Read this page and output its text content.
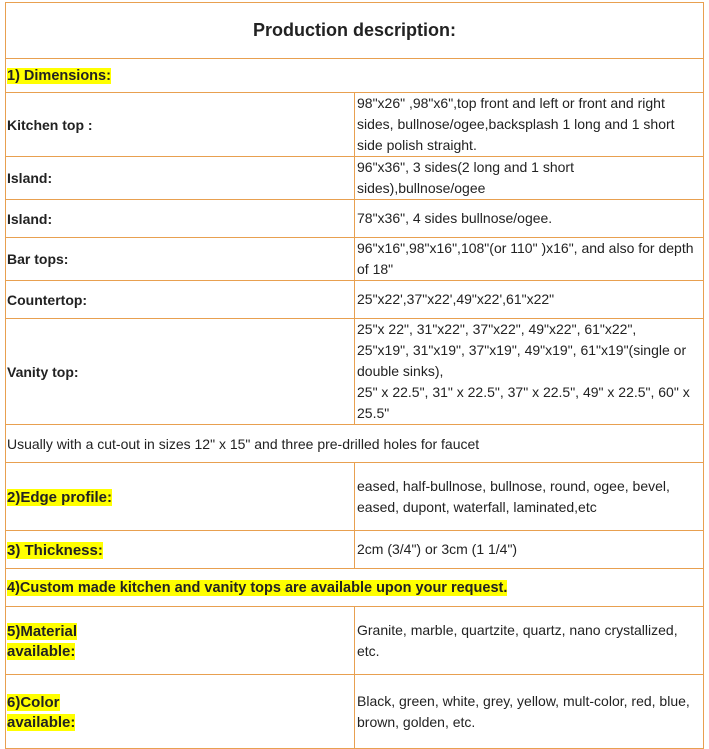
Production description:	
1) Dimensions:	
Kitchen top :	98"x26" ,98"x6",top front and left or front and right sides, bullnose/ogee,backsplash 1 long and 1 short side polish straight.
Island:	96"x36", 3 sides(2 long and 1 short sides),bullnose/ogee
Island:	78"x36", 4 sides bullnose/ogee.
Bar tops:	96"x16",98"x16",108"(or 110" )x16", and also for depth of 18"
Countertop:	25"x22',37"x22',49"x22',61"x22"
Vanity top:	25"x 22", 31"x22", 37"x22", 49"x22", 61"x22",
25"x19", 31"x19", 37"x19", 49"x19", 61"x19"(single or double sinks),
25" x 22.5", 31" x 22.5", 37" x 22.5", 49" x 22.5", 60" x 25.5"

Usually with a cut-out in sizes 12" x 15" and three pre-drilled holes for faucet	
2)Edge profile:	eased, half-bullnose, bullnose, round, ogee, bevel, eased, dupont, waterfall, laminated,etc
3) Thickness:	2cm (3/4") or 3cm (1 1/4")
4)Custom made kitchen and vanity tops are available upon your request.	
5)Material
available:	Granite, marble, quartzite, quartz, nano crystallized, etc.
6)Color
available:	Black, green, white, grey, yellow, mult-color, red, blue, brown, golden, etc.
